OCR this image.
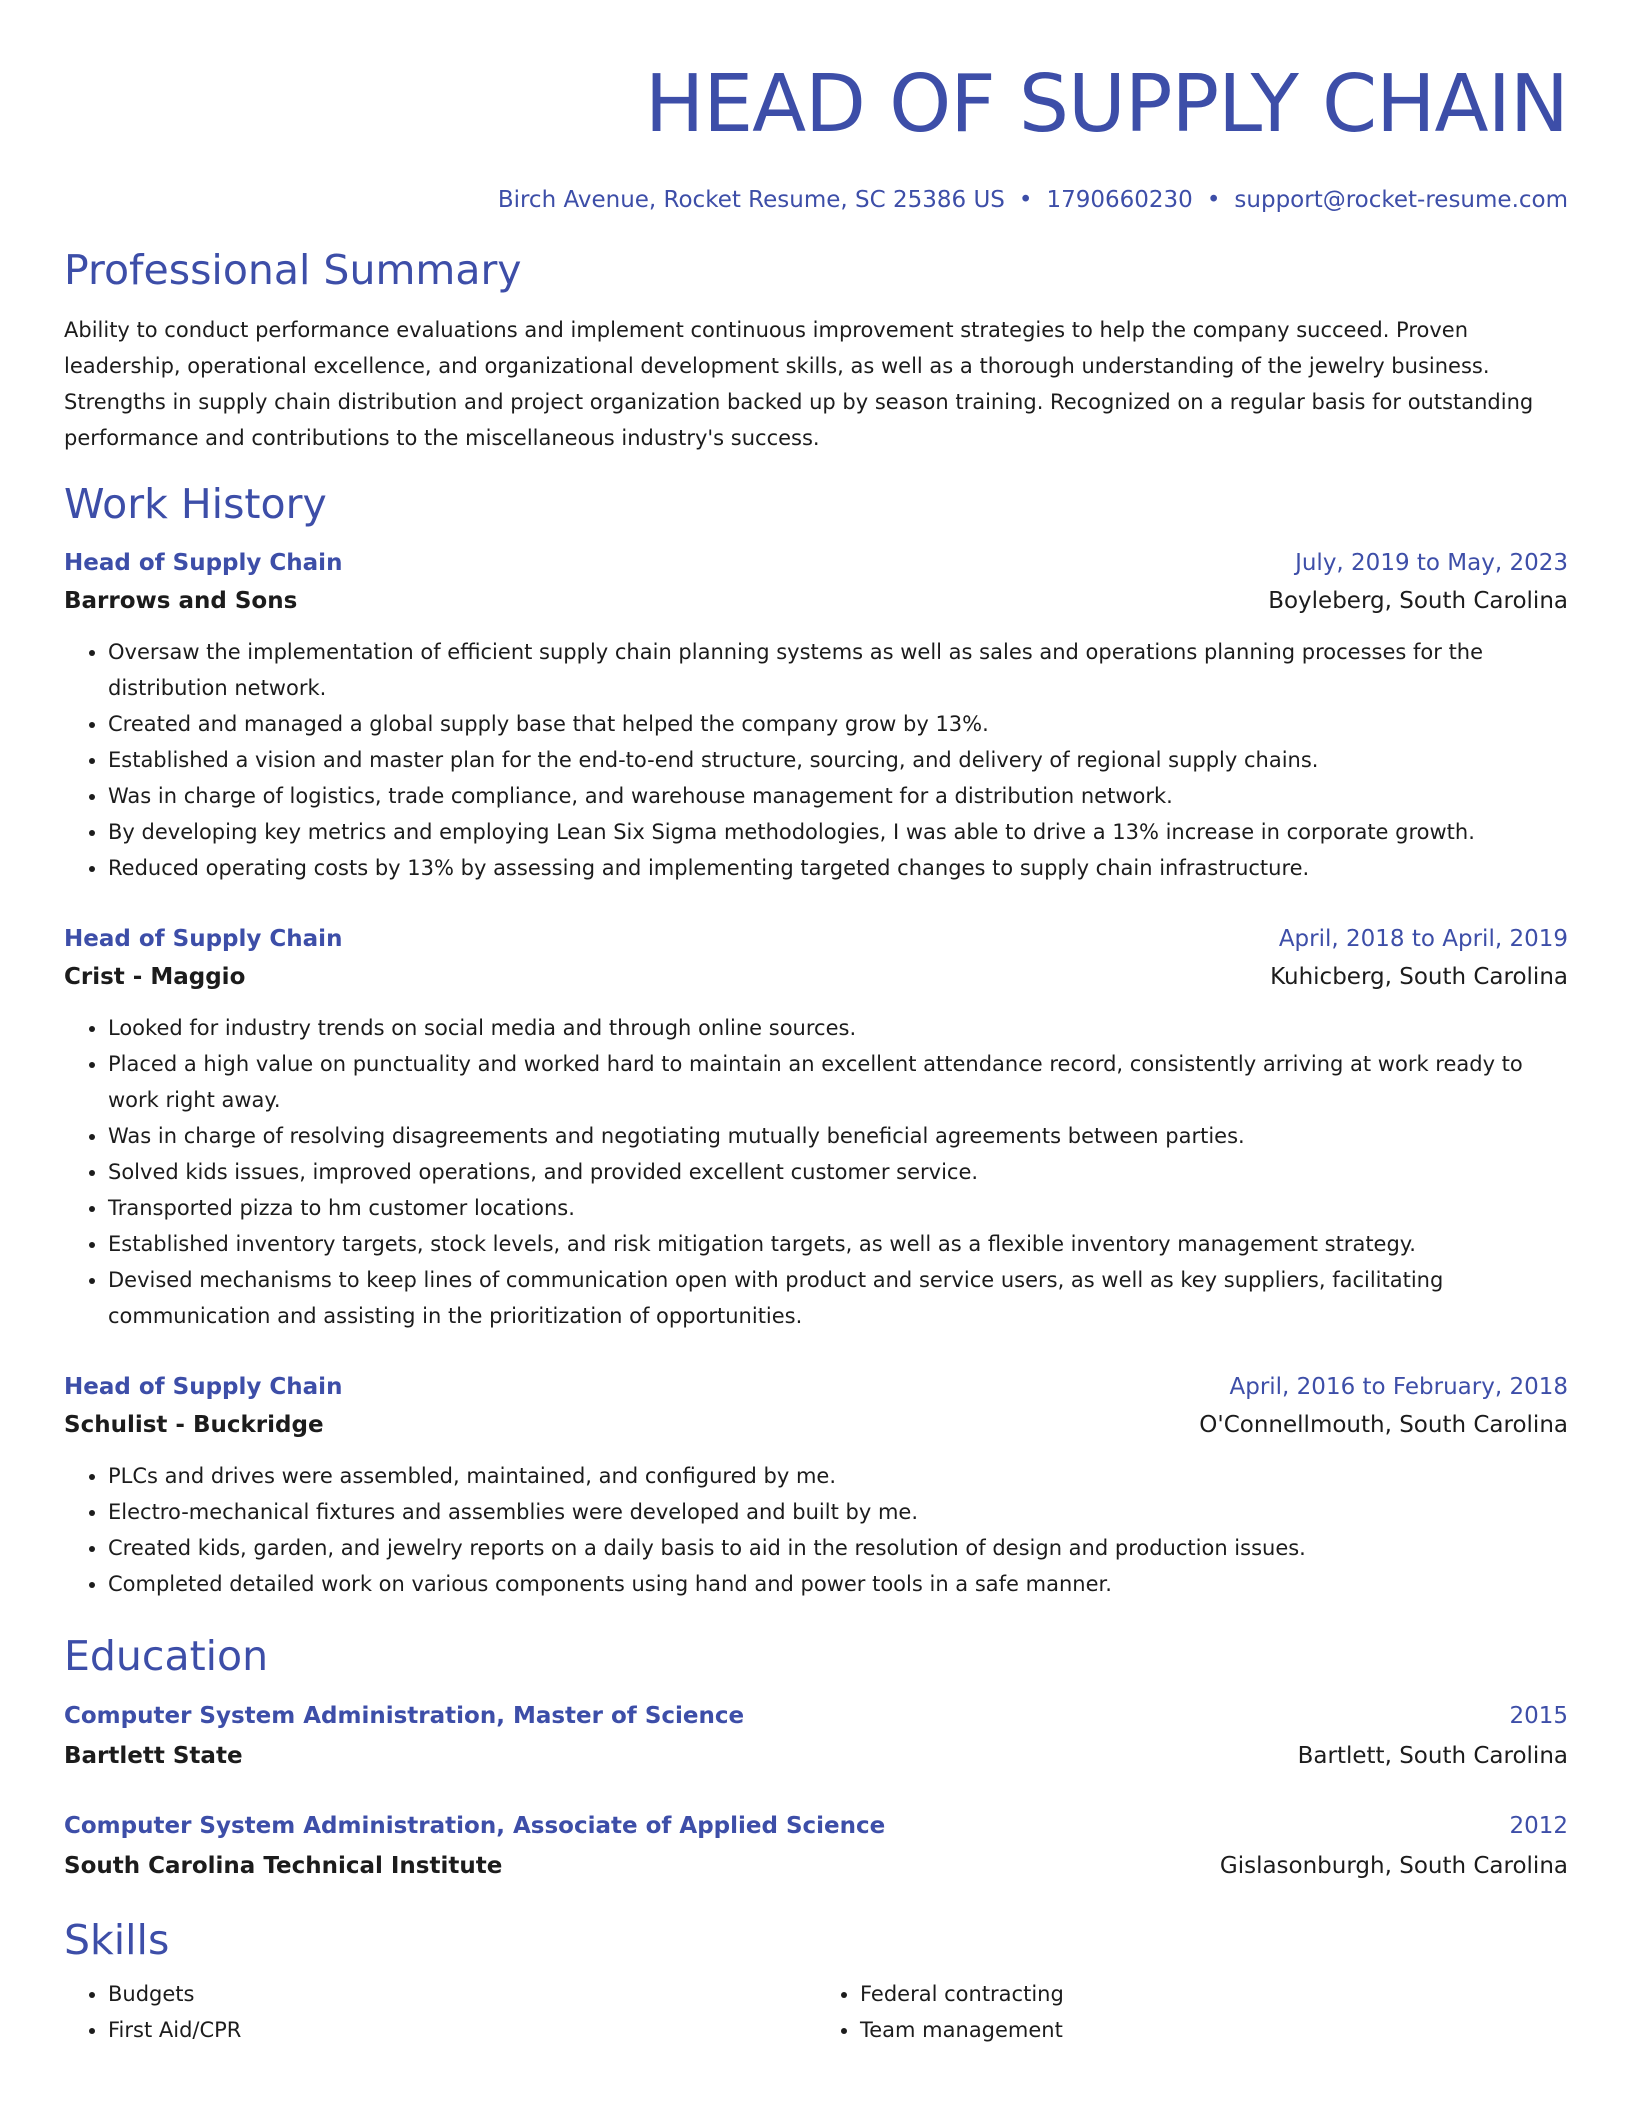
HEAD OF SUPPLY CHAIN
Birch Avenue, Rocket Resume, SC 25386 US • 1790660230 • support@rocket-resume.com
Professional Summary
Ability to conduct performance evaluations and implement continuous improvement strategies to help the company succeed. Proven leadership, operational excellence, and organizational development skills, as well as a thorough understanding of the jewelry business. Strengths in supply chain distribution and project organization backed up by season training. Recognized on a regular basis for outstanding performance and contributions to the miscellaneous industry's success.
Work History
Head of Supply Chain	July, 2019 to May, 2023
Barrows and Sons	Boyleberg, South Carolina
• Oversaw the implementation of efficient supply chain planning systems as well as sales and operations planning processes for the distribution network.
• Created and managed a global supply base that helped the company grow by 13%.
• Established a vision and master plan for the end-to-end structure, sourcing, and delivery of regional supply chains.
• Was in charge of logistics, trade compliance, and warehouse management for a distribution network.
• By developing key metrics and employing Lean Six Sigma methodologies, I was able to drive a 13% increase in corporate growth.
• Reduced operating costs by 13% by assessing and implementing targeted changes to supply chain infrastructure.
Head of Supply Chain	April, 2018 to April, 2019
Crist - Maggio	Kuhicberg, South Carolina
• Looked for industry trends on social media and through online sources.
• Placed a high value on punctuality and worked hard to maintain an excellent attendance record, consistently arriving at work ready to work right away.
• Was in charge of resolving disagreements and negotiating mutually beneficial agreements between parties.
• Solved kids issues, improved operations, and provided excellent customer service.
• Transported pizza to hm customer locations.
• Established inventory targets, stock levels, and risk mitigation targets, as well as a flexible inventory management strategy.
• Devised mechanisms to keep lines of communication open with product and service users, as well as key suppliers, facilitating communication and assisting in the prioritization of opportunities.
Head of Supply Chain	April, 2016 to February, 2018
Schulist - Buckridge	O'Connellmouth, South Carolina
• PLCs and drives were assembled, maintained, and configured by me.
• Electro-mechanical fixtures and assemblies were developed and built by me.
• Created kids, garden, and jewelry reports on a daily basis to aid in the resolution of design and production issues.
• Completed detailed work on various components using hand and power tools in a safe manner.
Education
Computer System Administration, Master of Science	2015
Bartlett State	Bartlett, South Carolina
Computer System Administration, Associate of Applied Science	2012
South Carolina Technical Institute	Gislasonburgh, South Carolina
Skills
• Budgets
• First Aid/CPR
• Federal contracting
• Team management
